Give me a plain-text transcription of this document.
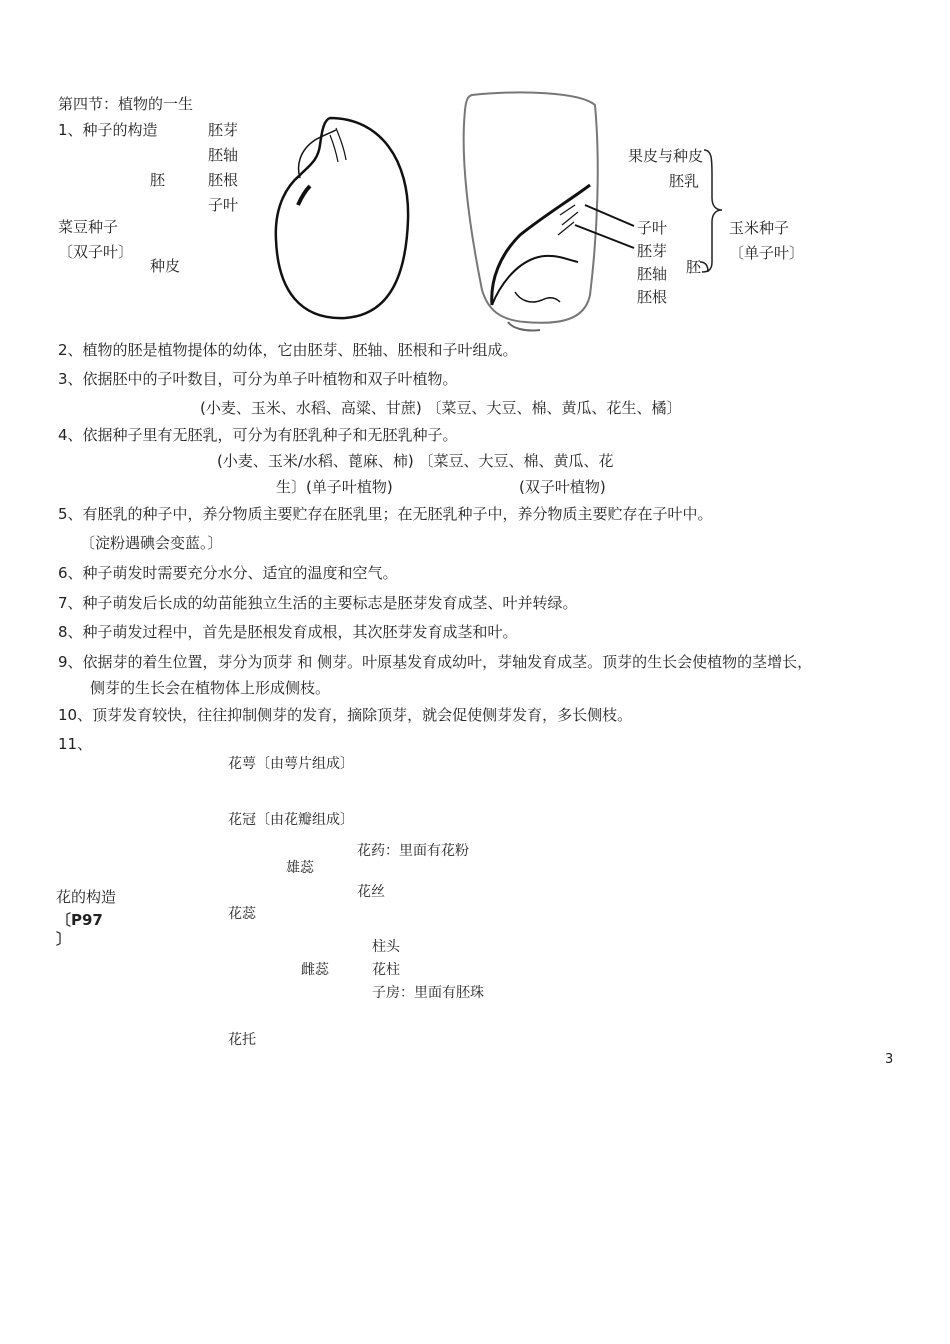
第四节：植物的一生
1、种子的构造	胚芽
胚轴
胚	胚根
子叶
菜豆种子
〔双子叶〕
种皮
果皮与种皮
胚乳
子叶
胚芽
胚轴
胚根
胚
玉米种子
〔单子叶〕
2、植物的胚是植物提体的幼体，它由胚芽、胚轴、胚根和子叶组成。
3、依据胚中的子叶数目，可分为单子叶植物和双子叶植物。
(小麦、玉米、水稻、高粱、甘蔗) 〔菜豆、大豆、棉、黄瓜、花生、橘〕
4、依据种子里有无胚乳，可分为有胚乳种子和无胚乳种子。
(小麦、玉米/水稻、蓖麻、柿) 〔菜豆、大豆、棉、黄瓜、花
生〕(单子叶植物)	(双子叶植物)
5、有胚乳的种子中，养分物质主要贮存在胚乳里；在无胚乳种子中，养分物质主要贮存在子叶中。
〔淀粉遇碘会变蓝。〕
6、种子萌发时需要充分水分、适宜的温度和空气。
7、种子萌发后长成的幼苗能独立生活的主要标志是胚芽发育成茎、叶并转绿。
8、种子萌发过程中，首先是胚根发育成根，其次胚芽发育成茎和叶。
9、依据芽的着生位置，芽分为顶芽 和 侧芽。叶原基发育成幼叶，芽轴发育成茎。顶芽的生长会使植物的茎增长，
侧芽的生长会在植物体上形成侧枝。
10、顶芽发育较快，往往抑制侧芽的发育，摘除顶芽，就会促使侧芽发育，多长侧枝。
11、
花萼〔由萼片组成〕
花冠〔由花瓣组成〕
花药：里面有花粉
雄蕊
花丝
花的构造
〔P97
〕
花蕊
柱头
雌蕊	花柱
子房：里面有胚珠
花托
3
